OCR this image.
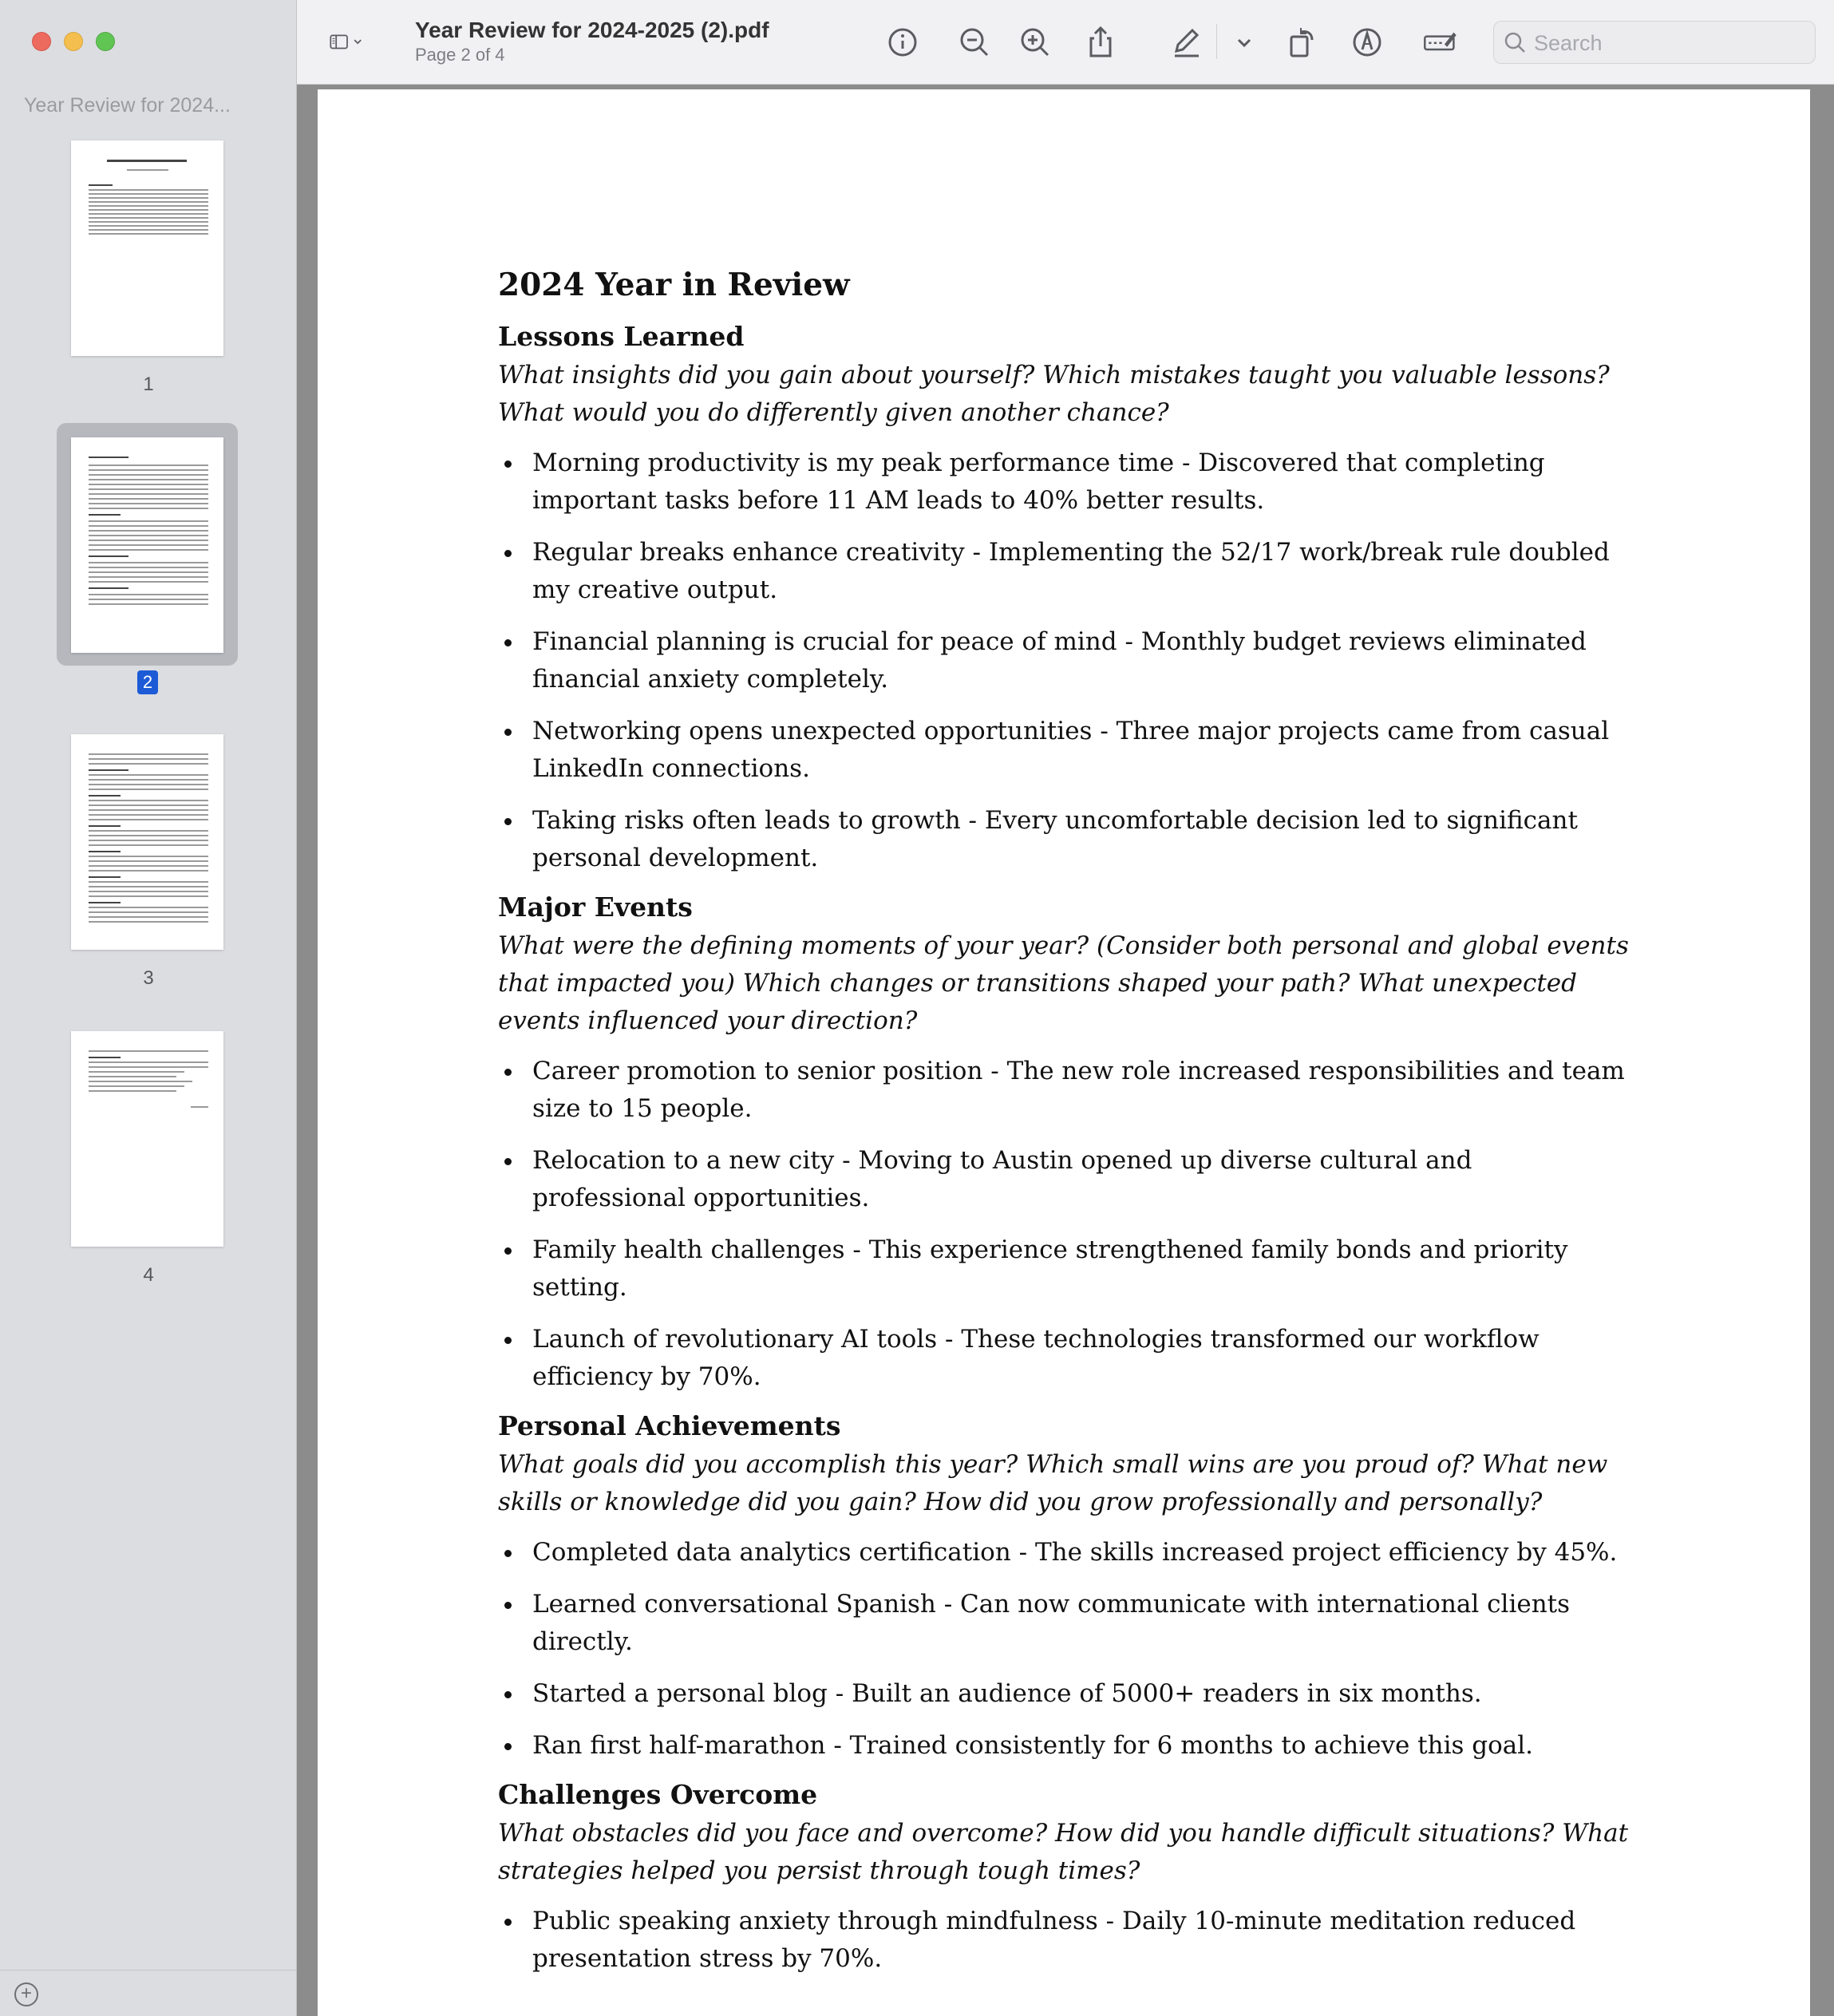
Year Review for 2024...
1
2
3
4
+
Year Review for 2024-2025 (2).pdf
Page 2 of 4
Search
2024 Year in Review
Lessons Learned

What insights did you gain about yourself? Which mistakes taught you valuable lessons? What would you do differently given another chance?

Morning productivity is my peak performance time - Discovered that completing important tasks before 11 AM leads to 40% better results.
Regular breaks enhance creativity - Implementing the 52/17 work/break rule doubled my creative output.
Financial planning is crucial for peace of mind - Monthly budget reviews eliminated financial anxiety completely.
Networking opens unexpected opportunities - Three major projects came from casual LinkedIn connections.
Taking risks often leads to growth - Every uncomfortable decision led to significant personal development.
Major Events

What were the defining moments of your year? (Consider both personal and global events that impacted you) Which changes or transitions shaped your path? What unexpected events influenced your direction?

Career promotion to senior position - The new role increased responsibilities and team size to 15 people.
Relocation to a new city - Moving to Austin opened up diverse cultural and professional opportunities.
Family health challenges - This experience strengthened family bonds and priority setting.
Launch of revolutionary AI tools - These technologies transformed our workflow efficiency by 70%.
Personal Achievements

What goals did you accomplish this year? Which small wins are you proud of? What new skills or knowledge did you gain? How did you grow professionally and personally?

Completed data analytics certification - The skills increased project efficiency by 45%.
Learned conversational Spanish - Can now communicate with international clients directly.
Started a personal blog - Built an audience of 5000+ readers in six months.
Ran first half-marathon - Trained consistently for 6 months to achieve this goal.
Challenges Overcome

What obstacles did you face and overcome? How did you handle difficult situations? What strategies helped you persist through tough times?

Public speaking anxiety through mindfulness - Daily 10-minute meditation reduced presentation stress by 70%.
